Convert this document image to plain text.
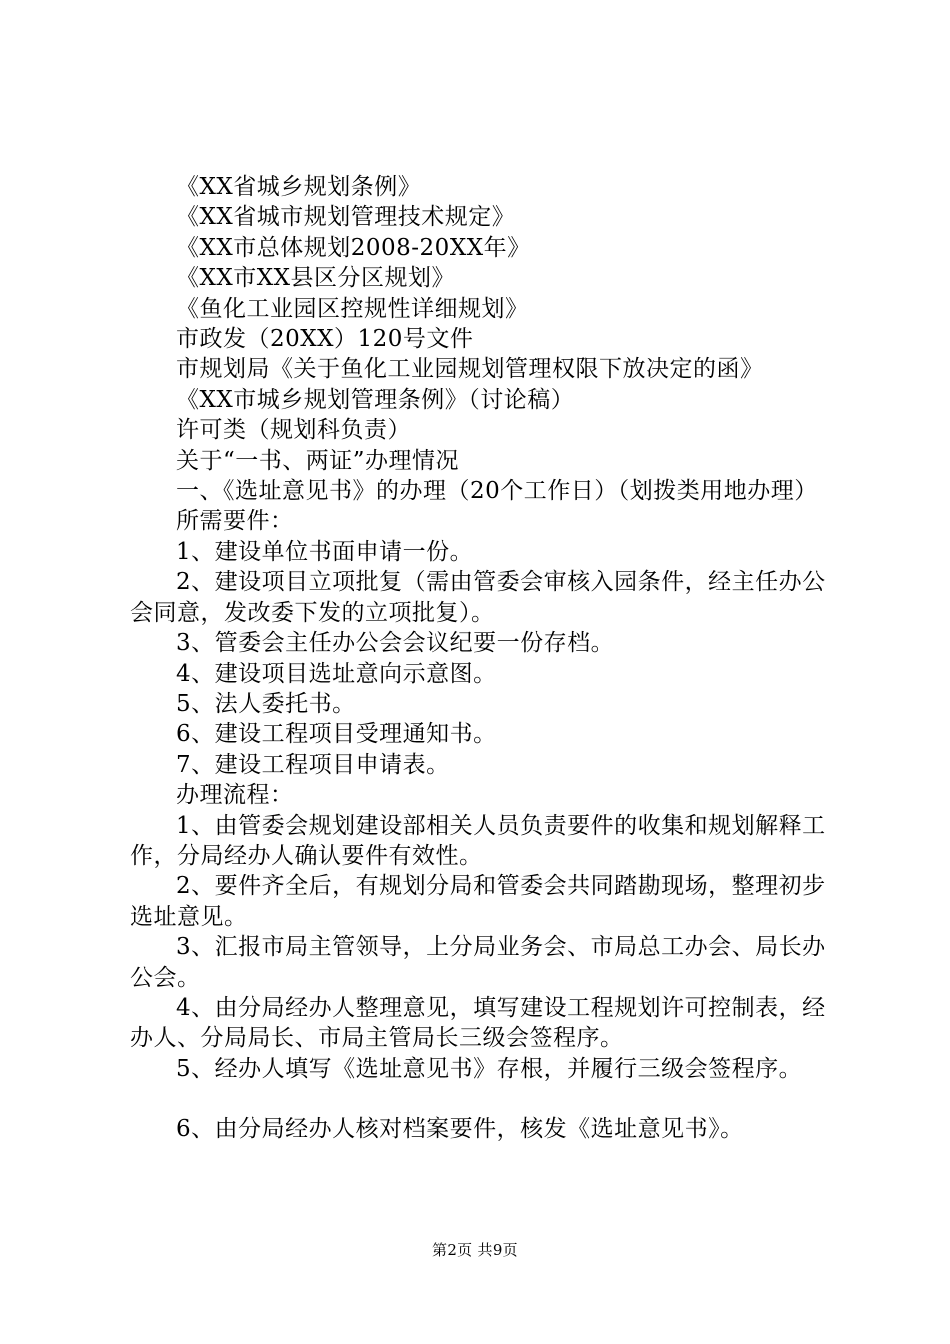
《XX省城乡规划条例》

《XX省城市规划管理技术规定》

《XX市总体规划2008-20XX年》

《XX市XX县区分区规划》

《鱼化工业园区控规性详细规划》

市政发（20XX）120号文件

市规划局《关于鱼化工业园规划管理权限下放决定的函》

《XX市城乡规划管理条例》（讨论稿）

许可类（规划科负责）

关于“一书、两证”办理情况

一、《选址意见书》的办理（20个工作日）（划拨类用地办理）

所需要件：

1、建设单位书面申请一份。

2、建设项目立项批复（需由管委会审核入园条件，经主任办公会同意，发改委下发的立项批复）。

3、管委会主任办公会会议纪要一份存档。

4、建设项目选址意向示意图。

5、法人委托书。

6、建设工程项目受理通知书。

7、建设工程项目申请表。

办理流程：

1、由管委会规划建设部相关人员负责要件的收集和规划解释工作，分局经办人确认要件有效性。

2、要件齐全后，有规划分局和管委会共同踏勘现场，整理初步选址意见。

3、汇报市局主管领导，上分局业务会、市局总工办会、局长办公会。

4、由分局经办人整理意见，填写建设工程规划许可控制表，经办人、分局局长、市局主管局长三级会签程序。

5、经办人填写《选址意见书》存根，并履行三级会签程序。

6、由分局经办人核对档案要件，核发《选址意见书》。

第2页 共9页
